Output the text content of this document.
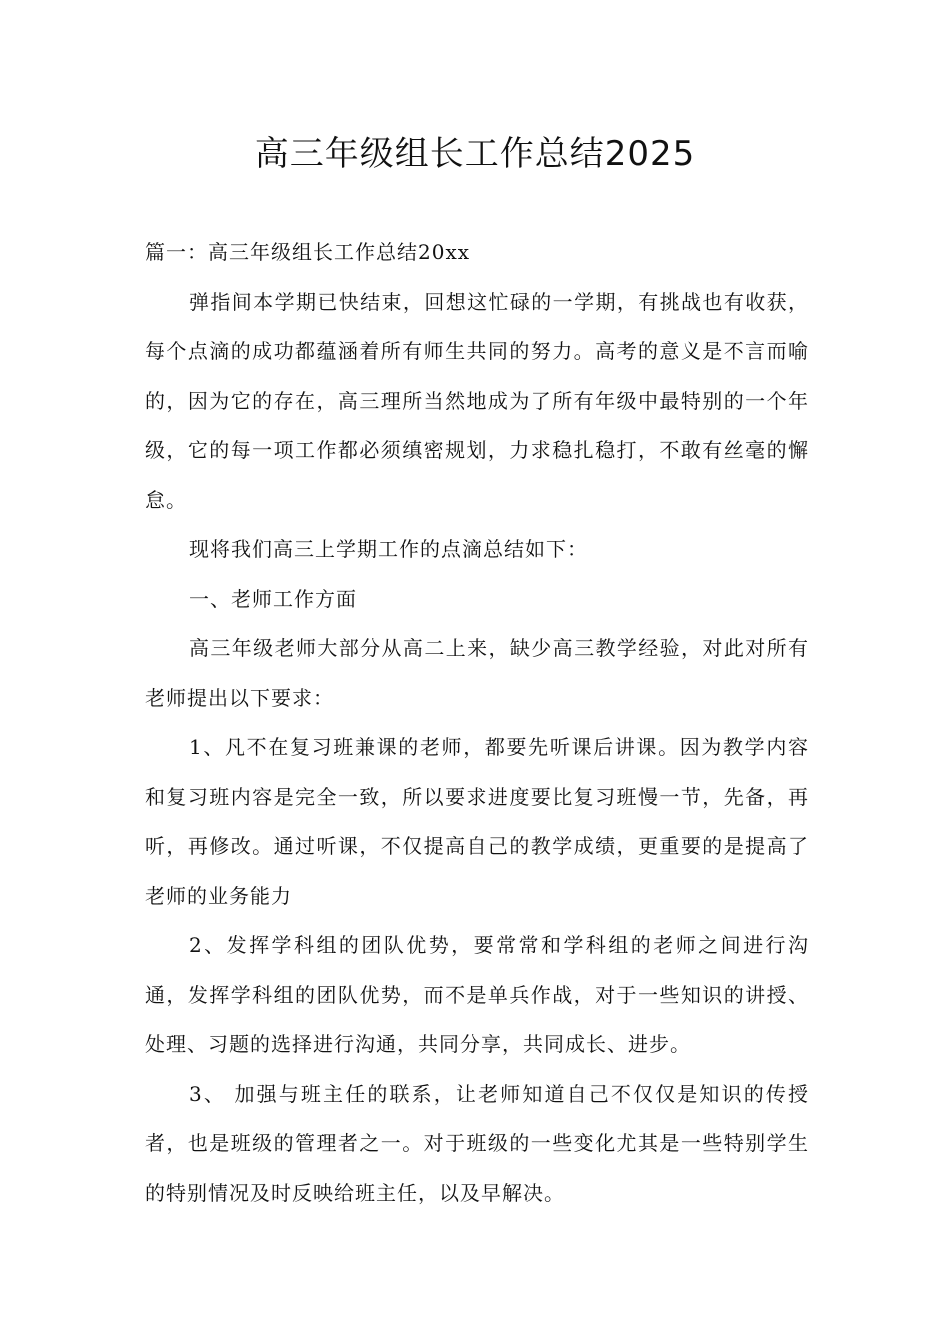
高三年级组长工作总结2025

篇一：高三年级组长工作总结20xx

弹指间本学期已快结束，回想这忙碌的一学期，有挑战也有收获，每个点滴的成功都蕴涵着所有师生共同的努力。高考的意义是不言而喻的，因为它的存在，高三理所当然地成为了所有年级中最特别的一个年级，它的每一项工作都必须缜密规划，力求稳扎稳打，不敢有丝毫的懈怠。

现将我们高三上学期工作的点滴总结如下：

一、老师工作方面

高三年级老师大部分从高二上来，缺少高三教学经验，对此对所有老师提出以下要求：

1、凡不在复习班兼课的老师，都要先听课后讲课。因为教学内容和复习班内容是完全一致，所以要求进度要比复习班慢一节，先备，再听，再修改。通过听课，不仅提高自己的教学成绩，更重要的是提高了老师的业务能力

2、发挥学科组的团队优势，要常常和学科组的老师之间进行沟通，发挥学科组的团队优势，而不是单兵作战，对于一些知识的讲授、处理、习题的选择进行沟通，共同分享，共同成长、进步。

3、 加强与班主任的联系，让老师知道自己不仅仅是知识的传授者，也是班级的管理者之一。对于班级的一些变化尤其是一些特别学生的特别情况及时反映给班主任，以及早解决。
